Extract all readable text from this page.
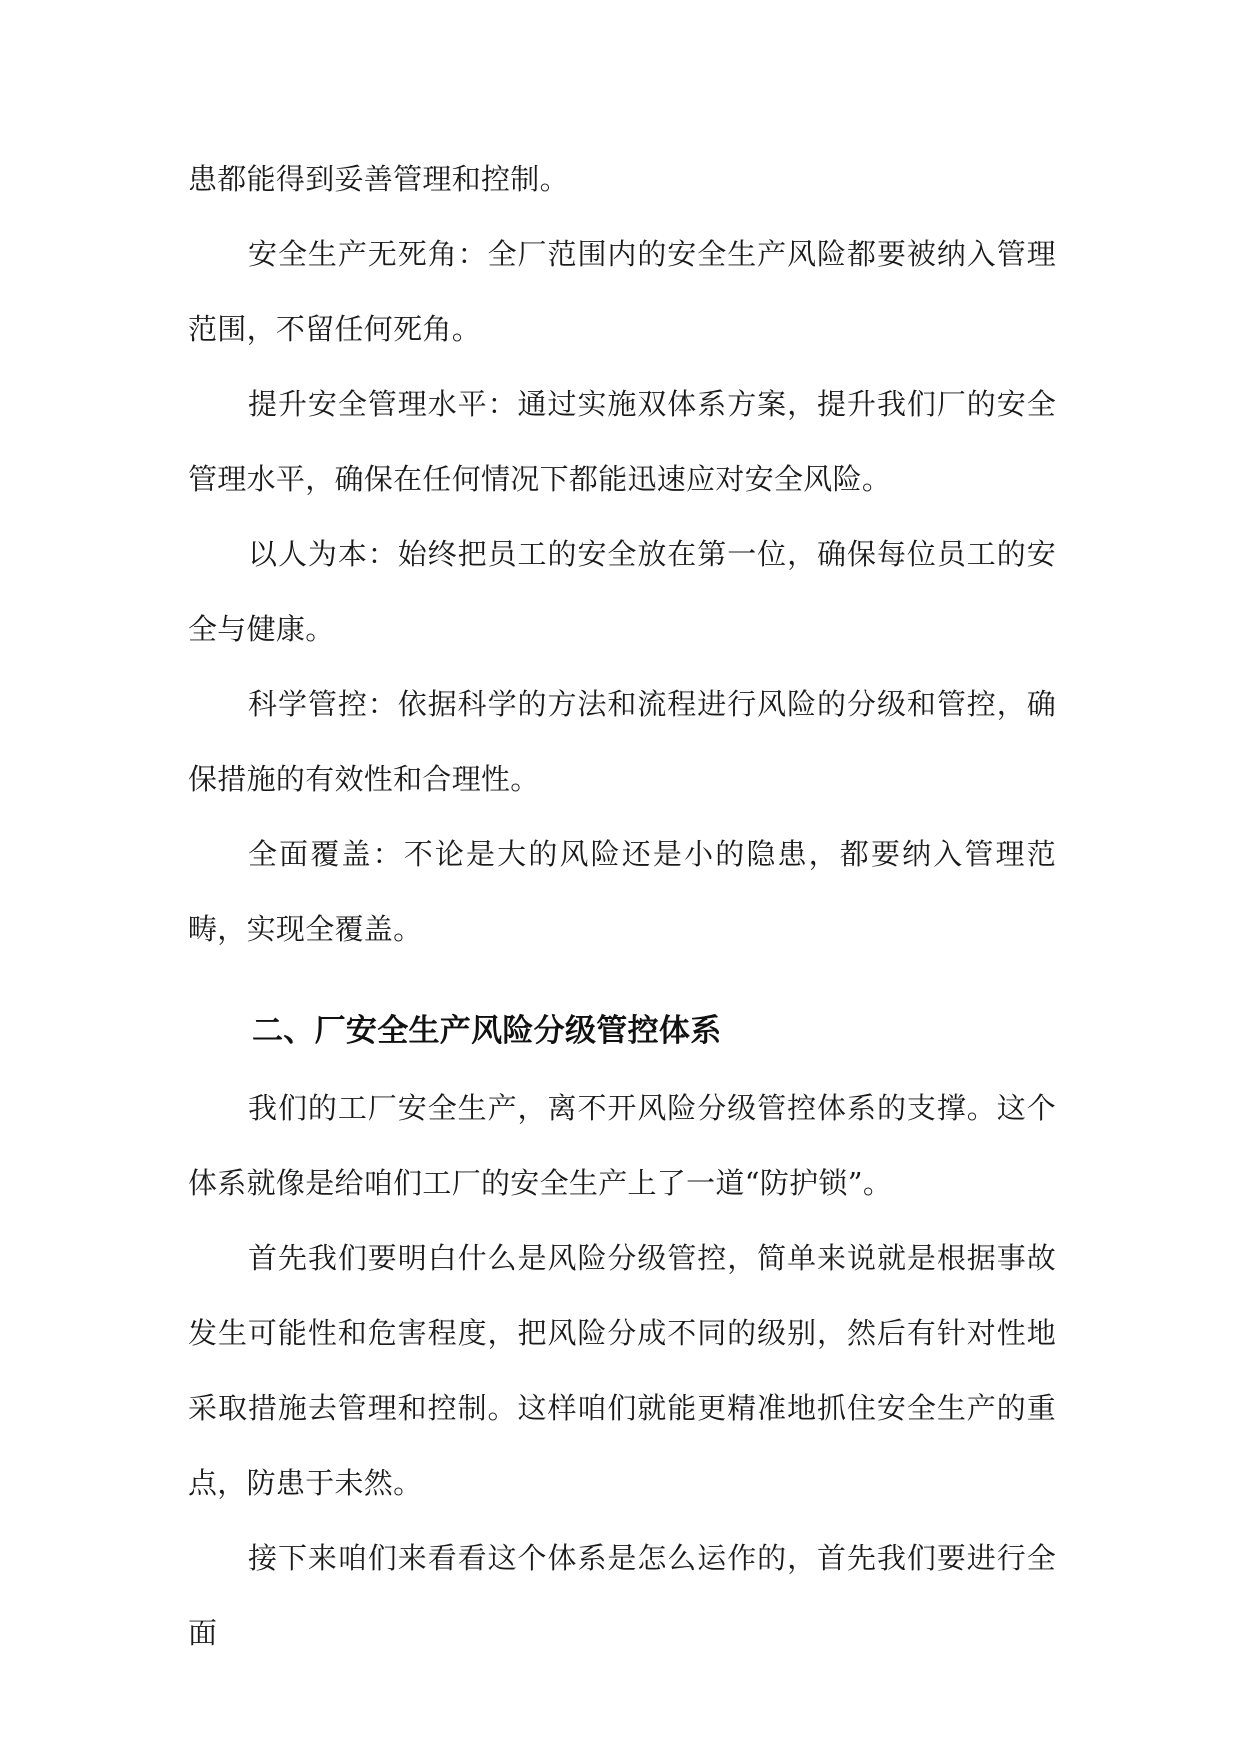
患都能得到妥善管理和控制。

安全生产无死角：全厂范围内的安全生产风险都要被纳入管理范围，不留任何死角。

提升安全管理水平：通过实施双体系方案，提升我们厂的安全管理水平，确保在任何情况下都能迅速应对安全风险。

以人为本：始终把员工的安全放在第一位，确保每位员工的安全与健康。

科学管控：依据科学的方法和流程进行风险的分级和管控，确保措施的有效性和合理性。

全面覆盖：不论是大的风险还是小的隐患，都要纳入管理范畴，实现全覆盖。

二、厂安全生产风险分级管控体系

我们的工厂安全生产，离不开风险分级管控体系的支撑。这个体系就像是给咱们工厂的安全生产上了一道“防护锁”。

首先我们要明白什么是风险分级管控，简单来说就是根据事故发生可能性和危害程度，把风险分成不同的级别，然后有针对性地采取措施去管理和控制。这样咱们就能更精准地抓住安全生产的重点，防患于未然。

接下来咱们来看看这个体系是怎么运作的，首先我们要进行全面
